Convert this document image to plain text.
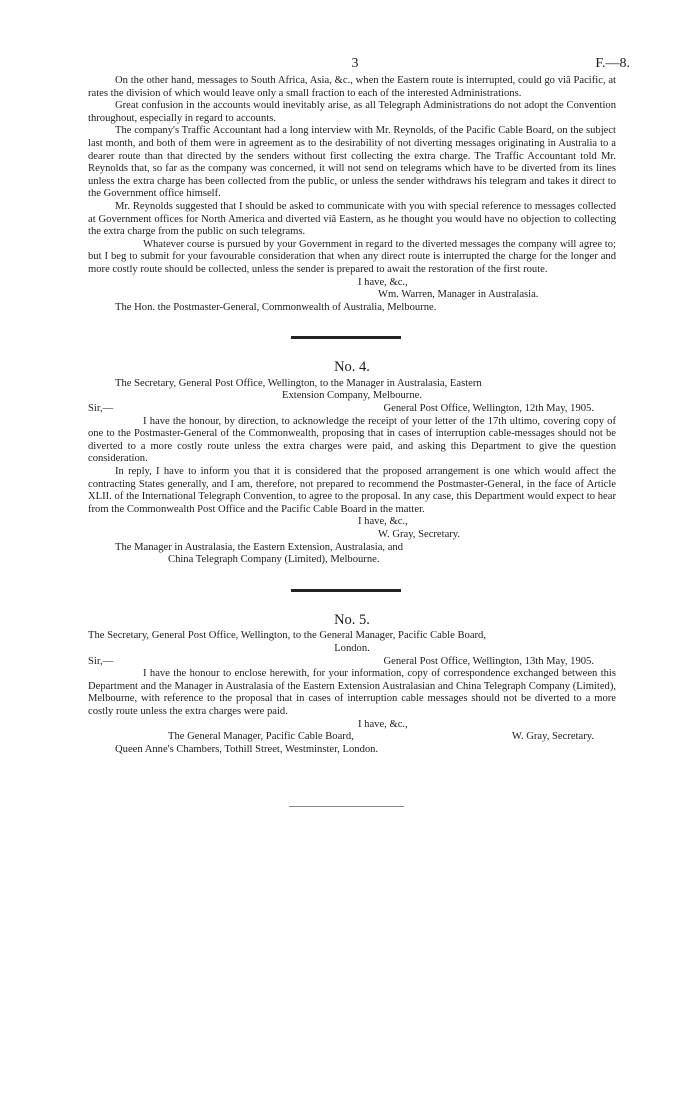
3	F.—8.

On the other hand, messages to South Africa, Asia, &c., when the Eastern route is interrupted, could go viâ Pacific, at rates the division of which would leave only a small fraction to each of the interested Administrations.

Great confusion in the accounts would inevitably arise, as all Telegraph Administrations do not adopt the Convention throughout, especially in regard to accounts.

The company's Traffic Accountant had a long interview with Mr. Reynolds, of the Pacific Cable Board, on the subject last month, and both of them were in agreement as to the desirability of not diverting messages originating in Australia to a dearer route than that directed by the senders without first collecting the extra charge. The Traffic Accountant told Mr. Reynolds that, so far as the company was concerned, it will not send on telegrams which have to be diverted from its lines unless the extra charge has been collected from the public, or unless the sender withdraws his telegram and takes it direct to the Government office himself.

Mr. Reynolds suggested that I should be asked to communicate with you with special reference to messages collected at Government offices for North America and diverted viâ Eastern, as he thought you would have no objection to collecting the extra charge from the public on such telegrams.

Whatever course is pursued by your Government in regard to the diverted messages the company will agree to; but I beg to submit for your favourable consideration that when any direct route is interrupted the charge for the longer and more costly route should be collected, unless the sender is prepared to await the restoration of the first route.

I have, &c.,

Wm. Warren, Manager in Australasia.

The Hon. the Postmaster-General, Commonwealth of Australia, Melbourne.

No. 4.

The Secretary, General Post Office, Wellington, to the Manager in Australasia, Eastern

Extension Company, Melbourne.

Sir,—	General Post Office, Wellington, 12th May, 1905.

I have the honour, by direction, to acknowledge the receipt of your letter of the 17th ultimo, covering copy of one to the Postmaster-General of the Commonwealth, proposing that in cases of interruption cable-messages should not be diverted to a more costly route unless the extra charges were paid, and asking this Department to give the question consideration.

In reply, I have to inform you that it is considered that the proposed arrangement is one which would affect the contracting States generally, and I am, therefore, not prepared to recommend the Postmaster-General, in the face of Article XLII. of the International Telegraph Convention, to agree to the proposal. In any case, this Department would expect to hear from the Commonwealth Post Office and the Pacific Cable Board in the matter.

I have, &c.,

W. Gray, Secretary.

The Manager in Australasia, the Eastern Extension, Australasia, and

China Telegraph Company (Limited), Melbourne.

No. 5.

The Secretary, General Post Office, Wellington, to the General Manager, Pacific Cable Board,

London.

Sir,—	General Post Office, Wellington, 13th May, 1905.

I have the honour to enclose herewith, for your information, copy of correspondence exchanged between this Department and the Manager in Australasia of the Eastern Extension Australasian and China Telegraph Company (Limited), Melbourne, with reference to the proposal that in cases of interruption cable messages should not be diverted to a more costly route unless the extra charges were paid.

I have, &c.,

The General Manager, Pacific Cable Board,	W. Gray, Secretary.

Queen Anne's Chambers, Tothill Street, Westminster, London.
